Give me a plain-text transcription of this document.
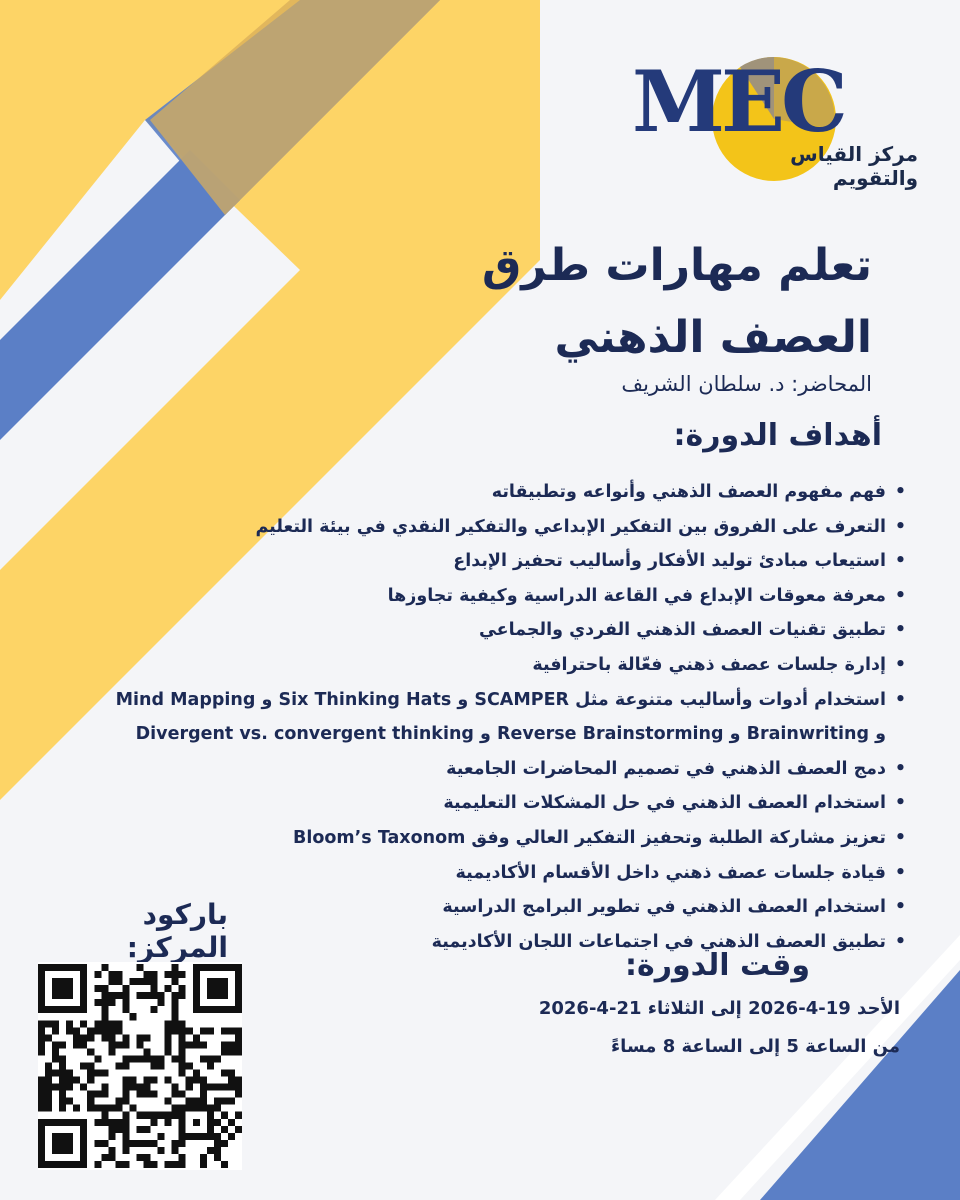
MEC
مركز القياس والتقويم
تعلم مهارات طرق
العصف الذهني
المحاضر: د. سلطان الشريف
أهداف الدورة:
• فهم مفهوم العصف الذهني وأنواعه وتطبيقاته
• التعرف على الفروق بين التفكير الإبداعي والتفكير النقدي في بيئة التعليم
• استيعاب مبادئ توليد الأفكار وأساليب تحفيز الإبداع
• معرفة معوقات الإبداع في القاعة الدراسية وكيفية تجاوزها
• تطبيق تقنيات العصف الذهني الفردي والجماعي
• إدارة جلسات عصف ذهني فعّالة باحترافية
• استخدام أدوات وأساليب متنوعة مثل SCAMPER و Six Thinking Hats و Mind Mapping
و Brainwriting و Reverse Brainstorming و Divergent vs. convergent thinking
• دمج العصف الذهني في تصميم المحاضرات الجامعية
• استخدام العصف الذهني في حل المشكلات التعليمية
• تعزيز مشاركة الطلبة وتحفيز التفكير العالي وفق Bloom’s Taxonom
• قيادة جلسات عصف ذهني داخل الأقسام الأكاديمية
• استخدام العصف الذهني في تطوير البرامج الدراسية
• تطبيق العصف الذهني في اجتماعات اللجان الأكاديمية
وقت الدورة:
الأحد 19-4-2026 إلى الثلاثاء 21-4-2026
من الساعة 5 إلى الساعة 8 مساءً
باركود المركز:
